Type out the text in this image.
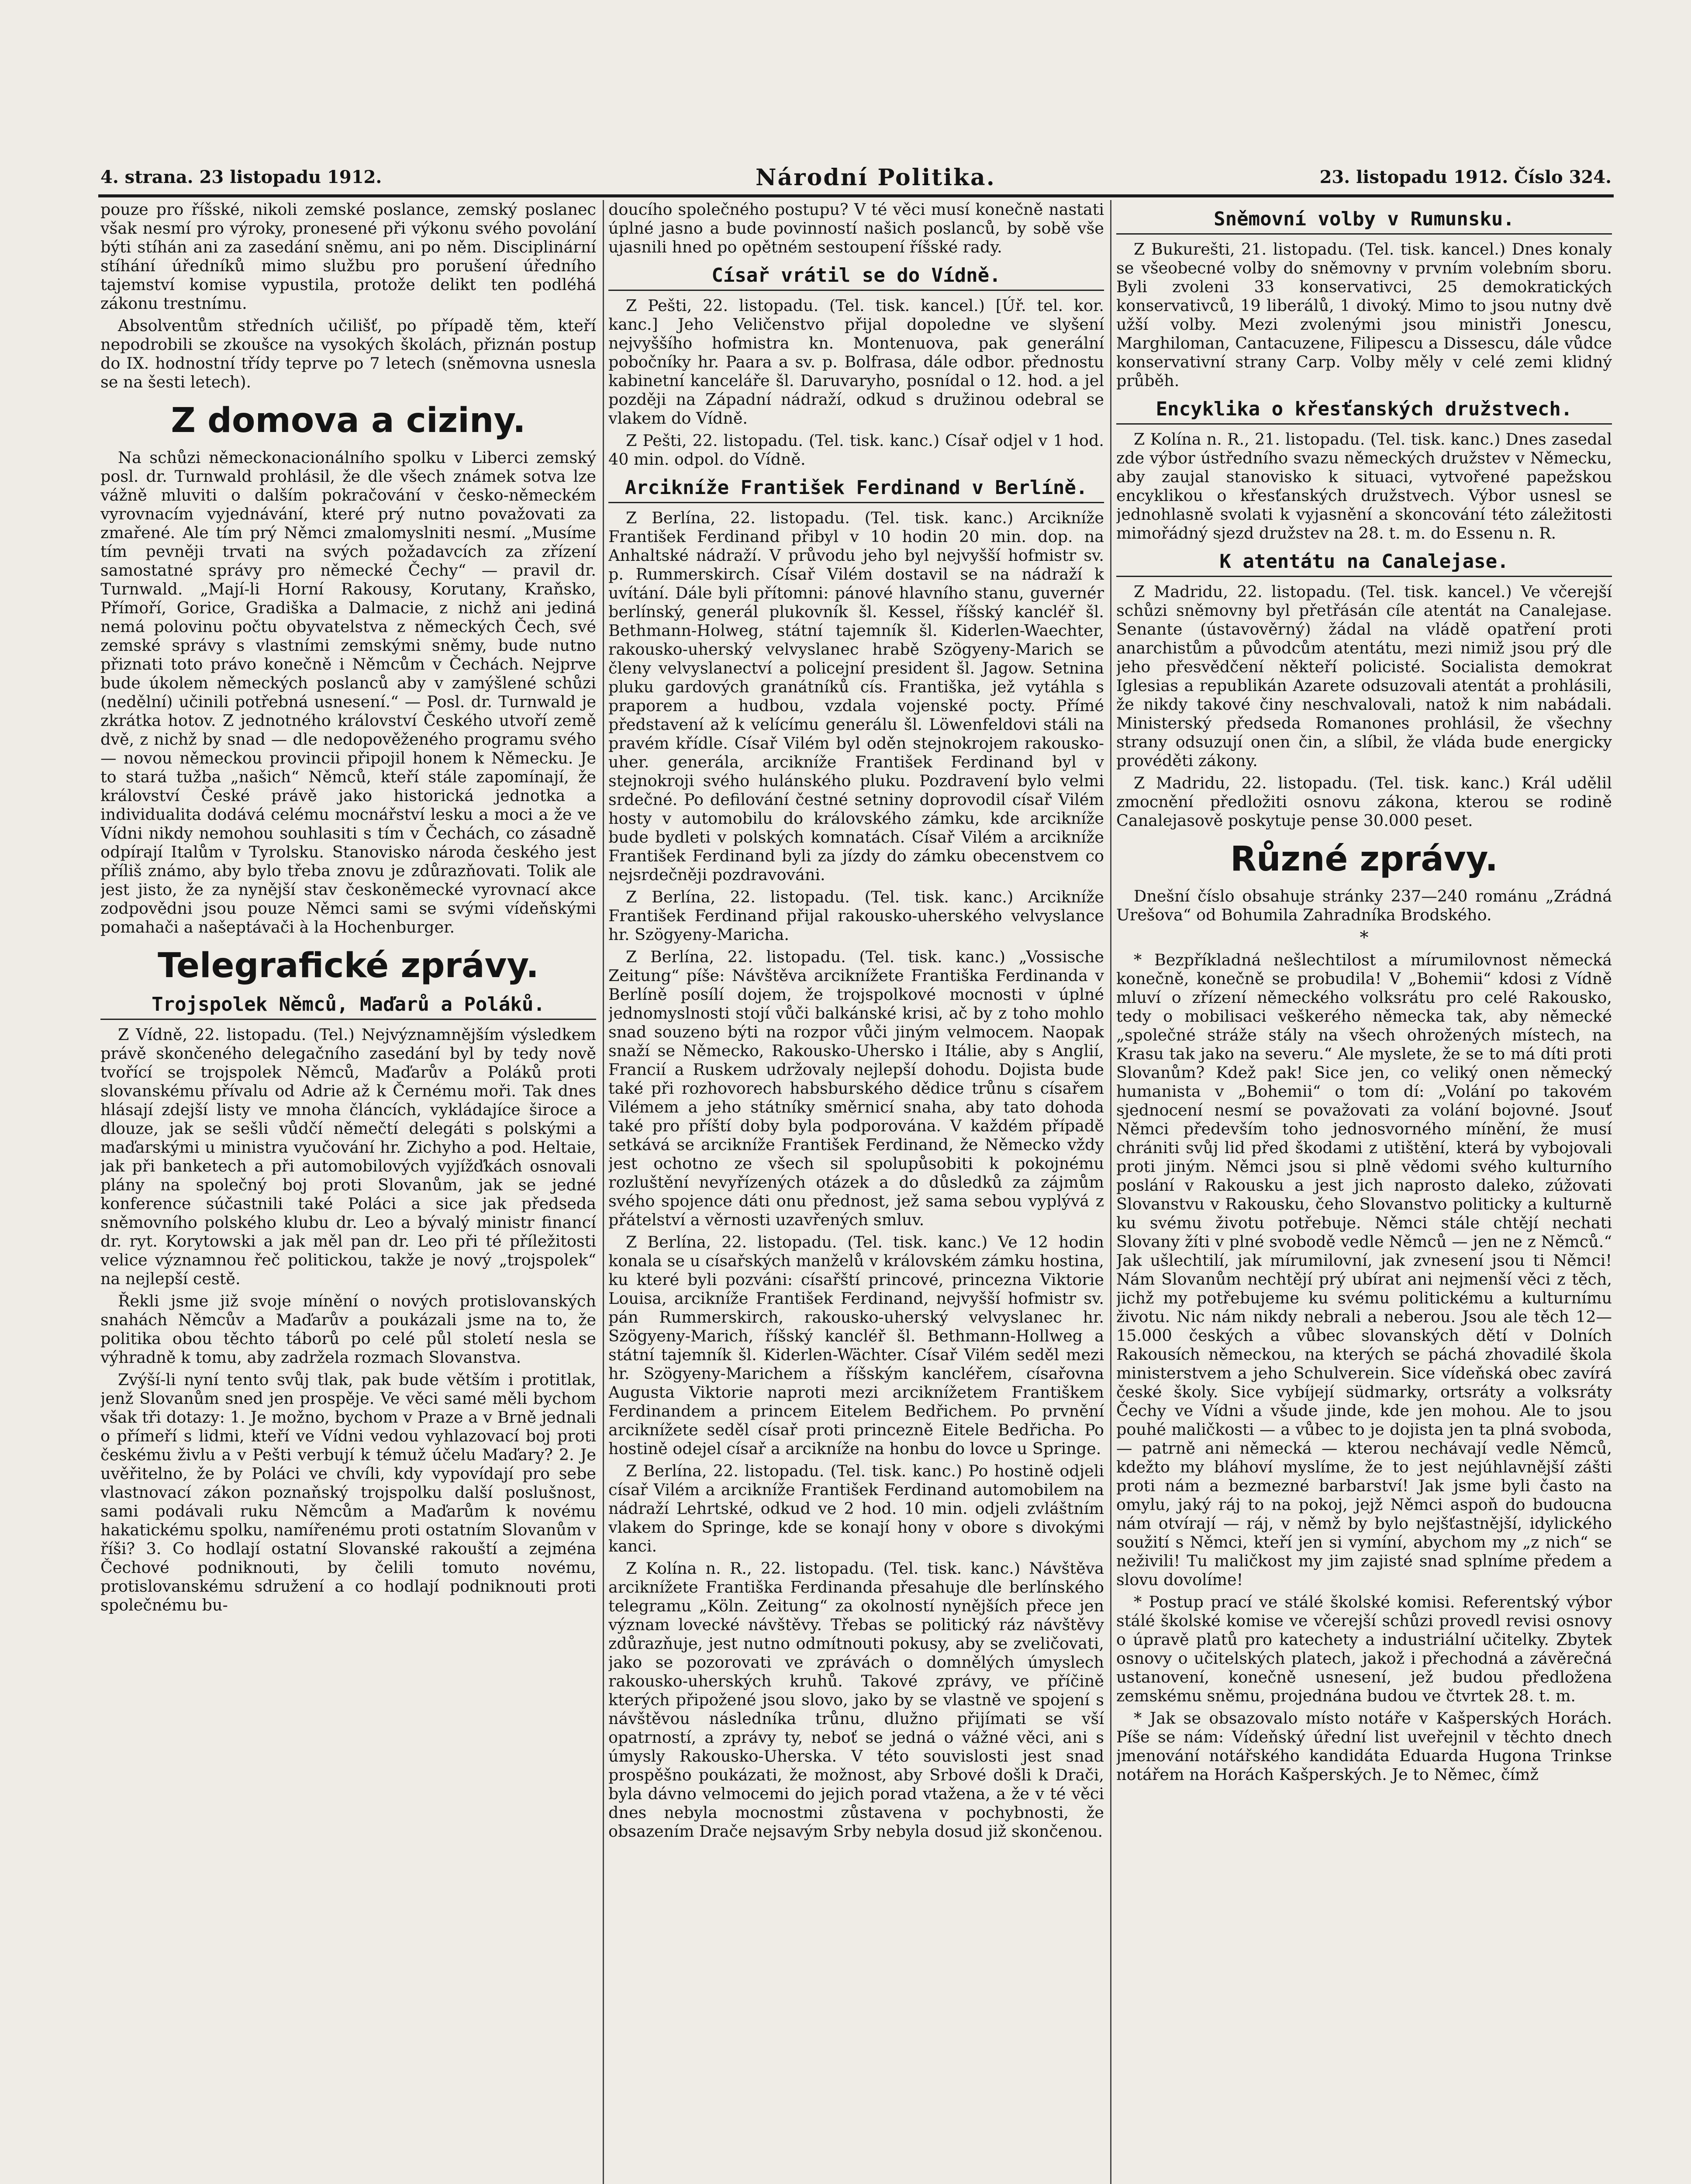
4. strana. 23 listopadu 1912.	Národní Politika.	23. listopadu 1912. Číslo 324.

pouze pro říšské, nikoli zemské poslance, zemský poslanec však nesmí pro výroky, pronesené při výkonu svého povolání býti stíhán ani za zasedání sněmu, ani po něm. Disciplinární stíhání úředníků mimo službu pro porušení úředního tajemství komise vypustila, protože delikt ten podléhá zákonu trestnímu.

Absolventům středních učilišť, po případě těm, kteří nepodrobili se zkoušce na vysokých školách, přiznán postup do IX. hodnostní třídy teprve po 7 letech (sněmovna usnesla se na šesti letech).

Z domova a ciziny.

Na schůzi německonacionálního spolku v Liberci zemský posl. dr. Turnwald prohlásil, že dle všech známek sotva lze vážně mluviti o dalším pokračování v česko-německém vyrovnacím vyjednávání, které prý nutno považovati za zmařené. Ale tím prý Němci zmalomyslniti nesmí. „Musíme tím pevněji trvati na svých požadavcích za zřízení samostatné správy pro německé Čechy“ — pravil dr. Turnwald. „Mají-li Horní Rakousy, Korutany, Kraňsko, Přímoří, Gorice, Gradiška a Dalmacie, z nichž ani jediná nemá polovinu počtu obyvatelstva z německých Čech, své zemské správy s vlastními zemskými sněmy, bude nutno přiznati toto právo konečně i Němcům v Čechách. Nejprve bude úkolem německých poslanců aby v zamýšlené schůzi (nedělní) učinili potřebná usnesení.“ — Posl. dr. Turnwald je zkrátka hotov. Z jednotného království Českého utvoří země dvě, z nichž by snad — dle nedopověženého programu svého — novou německou provincii připojil honem k Německu. Je to stará tužba „našich“ Němců, kteří stále zapomínají, že království České právě jako historická jednotka a individualita dodává celému mocnářství lesku a moci a že ve Vídni nikdy nemohou souhlasiti s tím v Čechách, co zásadně odpírají Italům v Tyrolsku. Stanovisko národa českého jest příliš známo, aby bylo třeba znovu je zdůrazňovati. Tolik ale jest jisto, že za nynější stav českoněmecké vyrovnací akce zodpovědni jsou pouze Němci sami se svými vídeňskými pomahači a našeptávači à la Hochenburger.

Telegrafické zprávy.
Trojspolek Němců, Maďarů a Poláků.

Z Vídně, 22. listopadu. (Tel.) Nejvýznamnějším výsledkem právě skončeného delegačního zasedání byl by tedy nově tvořící se trojspolek Němců, Maďarův a Poláků proti slovanskému přívalu od Adrie až k Černému moři. Tak dnes hlásají zdejší listy ve mnoha článcích, vykládajíce široce a dlouze, jak se sešli vůdčí němečtí delegáti s polskými a maďarskými u ministra vyučování hr. Zichyho a pod. Heltaie, jak při banketech a při automobilových vyjížďkách osnovali plány na společný boj proti Slovanům, jak se jedné konference súčastnili také Poláci a sice jak předseda sněmovního polského klubu dr. Leo a bývalý ministr financí dr. ryt. Korytowski a jak měl pan dr. Leo při té příležitosti velice významnou řeč politickou, takže je nový „trojspolek“ na nejlepší cestě.

Řekli jsme již svoje mínění o nových protislovanských snahách Němcův a Maďarův a poukázali jsme na to, že politika obou těchto táborů po celé půl století nesla se výhradně k tomu, aby zadržela rozmach Slovanstva.

Zvýší-li nyní tento svůj tlak, pak bude větším i protitlak, jenž Slovanům sned jen prospěje. Ve věci samé měli bychom však tři dotazy: 1. Je možno, bychom v Praze a v Brně jednali o přímeří s lidmi, kteří ve Vídni vedou vyhlazovací boj proti českému živlu a v Pešti verbují k témuž účelu Maďary? 2. Je uvěřitelno, že by Poláci ve chvíli, kdy vypovídají pro sebe vlastnovací zákon poznaňský trojspolku další poslušnost, sami podávali ruku Němcům a Maďarům k novému hakatickému spolku, namířenému proti ostatním Slovanům v říši? 3. Co hodlají ostatní Slovanské rakouští a zejména Čechové podniknouti, by čelili tomuto novému, protislovanskému sdružení a co hodlají podniknouti proti společnému bu-

doucího společného postupu? V té věci musí konečně nastati úplné jasno a bude povinností našich poslanců, by sobě vše ujasnili hned po opětném sestoupení říšské rady.

Císař vrátil se do Vídně.

Z Pešti, 22. listopadu. (Tel. tisk. kancel.) [Úř. tel. kor. kanc.] Jeho Veličenstvo přijal dopoledne ve slyšení nejvyššího hofmistra kn. Montenuova, pak generální pobočníky hr. Paara a sv. p. Bolfrasa, dále odbor. přednostu kabinetní kanceláře šl. Daruvaryho, posnídal o 12. hod. a jel později na Západní nádraží, odkud s družinou odebral se vlakem do Vídně.

Z Pešti, 22. listopadu. (Tel. tisk. kanc.) Císař odjel v 1 hod. 40 min. odpol. do Vídně.

Arcikníže František Ferdinand v Berlíně.

Z Berlína, 22. listopadu. (Tel. tisk. kanc.) Arcikníže František Ferdinand přibyl v 10 hodin 20 min. dop. na Anhaltské nádraží. V průvodu jeho byl nejvyšší hofmistr sv. p. Rummerskirch. Císař Vilém dostavil se na nádraží k uvítání. Dále byli přítomni: pánové hlavního stanu, guvernér berlínský, generál plukovník šl. Kessel, říšský kancléř šl. Bethmann-Holweg, státní tajemník šl. Kiderlen-Waechter, rakousko-uherský velvyslanec hrabě Szögyeny-Marich se členy velvyslanectví a policejní president šl. Jagow. Setnina pluku gardových granátníků cís. Františka, jež vytáhla s praporem a hudbou, vzdala vojenské pocty. Přímé představení až k velícímu generálu šl. Löwenfeldovi stáli na pravém křídle. Císař Vilém byl oděn stejnokrojem rakousko-uher. generála, arcikníže František Ferdinand byl v stejnokroji svého hulánského pluku. Pozdravení bylo velmi srdečné. Po defilování čestné setniny doprovodil císař Vilém hosty v automobilu do královského zámku, kde arcikníže bude bydleti v polských komnatách. Císař Vilém a arcikníže František Ferdinand byli za jízdy do zámku obecenstvem co nejsrdečněji pozdravováni.

Z Berlína, 22. listopadu. (Tel. tisk. kanc.) Arcikníže František Ferdinand přijal rakousko-uherského velvyslance hr. Szögyeny-Maricha.

Z Berlína, 22. listopadu. (Tel. tisk. kanc.) „Vossische Zeitung“ píše: Návštěva arciknížete Františka Ferdinanda v Berlíně posílí dojem, že trojspolkové mocnosti v úplné jednomyslnosti stojí vůči balkánské krisi, ač by z toho mohlo snad souzeno býti na rozpor vůči jiným velmocem. Naopak snaží se Německo, Rakousko-Uhersko i Itálie, aby s Anglií, Francií a Ruskem udržovaly nejlepší dohodu. Dojista bude také při rozhovorech habsburského dědice trůnu s císařem Vilémem a jeho státníky směrnicí snaha, aby tato dohoda také pro příští doby byla podporována. V každém případě setkává se arcikníže František Ferdinand, že Německo vždy jest ochotno ze všech sil spolupůsobiti k pokojnému rozluštění nevyřízených otázek a do důsledků za zájmům svého spojence dáti onu přednost, jež sama sebou vyplývá z přátelství a věrnosti uzavřených smluv.

Z Berlína, 22. listopadu. (Tel. tisk. kanc.) Ve 12 hodin konala se u císařských manželů v královském zámku hostina, ku které byli pozváni: císařští princové, princezna Viktorie Louisa, arcikníže František Ferdinand, nejvyšší hofmistr sv. pán Rummerskirch, rakousko-uherský velvyslanec hr. Szögyeny-Marich, říšský kancléř šl. Bethmann-Hollweg a státní tajemník šl. Kiderlen-Wächter. Císař Vilém seděl mezi hr. Szögyeny-Marichem a říšským kancléřem, císařovna Augusta Viktorie naproti mezi arciknížetem Františkem Ferdinandem a princem Eitelem Bedřichem. Po prvnění arciknížete seděl císař proti princezně Eitele Bedřicha. Po hostině odejel císař a arcikníže na honbu do lovce u Springe.

Z Berlína, 22. listopadu. (Tel. tisk. kanc.) Po hostině odjeli císař Vilém a arcikníže František Ferdinand automobilem na nádraží Lehrtské, odkud ve 2 hod. 10 min. odjeli zvláštním vlakem do Springe, kde se konají hony v obore s divokými kanci.

Z Kolína n. R., 22. listopadu. (Tel. tisk. kanc.) Návštěva arciknížete Františka Ferdinanda přesahuje dle berlínského telegramu „Köln. Zeitung“ za okolností nynějších přece jen význam lovecké návštěvy. Třebas se politický ráz návštěvy zdůrazňuje, jest nutno odmítnouti pokusy, aby se zveličovati, jako se pozorovati ve zprávách o domnělých úmyslech rakousko-uherských kruhů. Takové zprávy, ve příčině kterých připožené jsou slovo, jako by se vlastně ve spojení s návštěvou následníka trůnu, dlužno přijímati se vší opatrností, a zprávy ty, neboť se jedná o vážné věci, ani s úmysly Rakousko-Uherska. V této souvislosti jest snad prospěšno poukázati, že možnost, aby Srbové došli k Drači, byla dávno velmocemi do jejich porad vtažena, a že v té věci dnes nebyla mocnostmi zůstavena v pochybnosti, že obsazením Drače nejsavým Srby nebyla dosud již skončenou.

Sněmovní volby v Rumunsku.

Z Bukurešti, 21. listopadu. (Tel. tisk. kancel.) Dnes konaly se všeobecné volby do sněmovny v prvním volebním sboru. Byli zvoleni 33 konservativci, 25 demokratických konservativců, 19 liberálů, 1 divoký. Mimo to jsou nutny dvě užší volby. Mezi zvolenými jsou ministři Jonescu, Marghiloman, Cantacuzene, Filipescu a Dissescu, dále vůdce konservativní strany Carp. Volby měly v celé zemi klidný průběh.

Encyklika o křesťanských družstvech.

Z Kolína n. R., 21. listopadu. (Tel. tisk. kanc.) Dnes zasedal zde výbor ústředního svazu německých družstev v Německu, aby zaujal stanovisko k situaci, vytvořené papežskou encyklikou o křesťanských družstvech. Výbor usnesl se jednohlasně svolati k vyjasnění a skoncování této záležitosti mimořádný sjezd družstev na 28. t. m. do Essenu n. R.

K atentátu na Canalejase.

Z Madridu, 22. listopadu. (Tel. tisk. kancel.) Ve včerejší schůzi sněmovny byl přetřásán cíle atentát na Canalejase. Senante (ústavověrný) žádal na vládě opatření proti anarchistům a původcům atentátu, mezi nimiž jsou prý dle jeho přesvědčení někteří policisté. Socialista demokrat Iglesias a republikán Azarete odsuzovali atentát a prohlásili, že nikdy takové činy neschvalovali, natož k nim nabádali. Ministerský předseda Romanones prohlásil, že všechny strany odsuzují onen čin, a slíbil, že vláda bude energicky provéděti zákony.

Z Madridu, 22. listopadu. (Tel. tisk. kanc.) Král udělil zmocnění předložiti osnovu zákona, kterou se rodině Canalejasově poskytuje pense 30.000 peset.

Různé zprávy.

Dnešní číslo obsahuje stránky 237—240 románu „Zrádná Urešova“ od Bohumila Zahradníka Brodského.

*

* Bezpříkladná nešlechtilost a mírumilovnost německá konečně, konečně se probudila! V „Bohemii“ kdosi z Vídně mluví o zřízení německého volksrátu pro celé Rakousko, tedy o mobilisaci veškerého německa tak, aby německé „společné stráže stály na všech ohrožených místech, na Krasu tak jako na severu.“ Ale myslete, že se to má díti proti Slovanům? Kdež pak! Sice jen, co veliký onen německý humanista v „Bohemii“ o tom dí: „Volání po takovém sjednocení nesmí se považovati za volání bojovné. Jsouť Němci především toho jednosvorného mínění, že musí chrániti svůj lid před škodami z utištění, která by vybojovali proti jiným. Němci jsou si plně vědomi svého kulturního poslání v Rakousku a jest jich naprosto daleko, zúžovati Slovanstvu v Rakousku, čeho Slovanstvo politicky a kulturně ku svému životu potřebuje. Němci stále chtějí nechati Slovany žíti v plné svobodě vedle Němců — jen ne z Němců.“ Jak ušlechtilí, jak mírumilovní, jak zvnesení jsou ti Němci! Nám Slovanům nechtějí prý ubírat ani nejmenší věci z těch, jichž my potřebujeme ku svému politickému a kulturnímu životu. Nic nám nikdy nebrali a neberou. Jsou ale těch 12—15.000 českých a vůbec slovanských dětí v Dolních Rakousích německou, na kterých se páchá zhovadilé škola ministerstvem a jeho Schulverein. Sice vídeňská obec zavírá české školy. Sice vybíjejí südmarky, ortsráty a volksráty Čechy ve Vídni a všude jinde, kde jen mohou. Ale to jsou pouhé maličkosti — a vůbec to je dojista jen ta plná svoboda, — patrně ani německá — kterou nechávají vedle Němců, kdežto my bláhoví myslíme, že to jest nejúhlavnější zášti proti nám a bezmezné barbarství! Jak jsme byli často na omylu, jaký ráj to na pokoj, jejž Němci aspoň do budoucna nám otvírají — ráj, v němž by bylo nejšťastnější, idylického soužití s Němci, kteří jen si vymíní, abychom my „z nich“ se neživili! Tu maličkost my jim zajisté snad splníme předem a slovu dovolíme!

* Postup prací ve stálé školské komisi. Referentský výbor stálé školské komise ve včerejší schůzi provedl revisi osnovy o úpravě platů pro katechety a industriální učitelky. Zbytek osnovy o učitelských platech, jakož i přechodná a závěrečná ustanovení, konečně usnesení, jež budou předložena zemskému sněmu, projednána budou ve čtvrtek 28. t. m.

* Jak se obsazovalo místo notáře v Kašperských Horách. Píše se nám: Vídeňský úřední list uveřejnil v těchto dnech jmenování notářského kandidáta Eduarda Hugona Trinkse notářem na Horách Kašperských. Je to Němec, čímž
